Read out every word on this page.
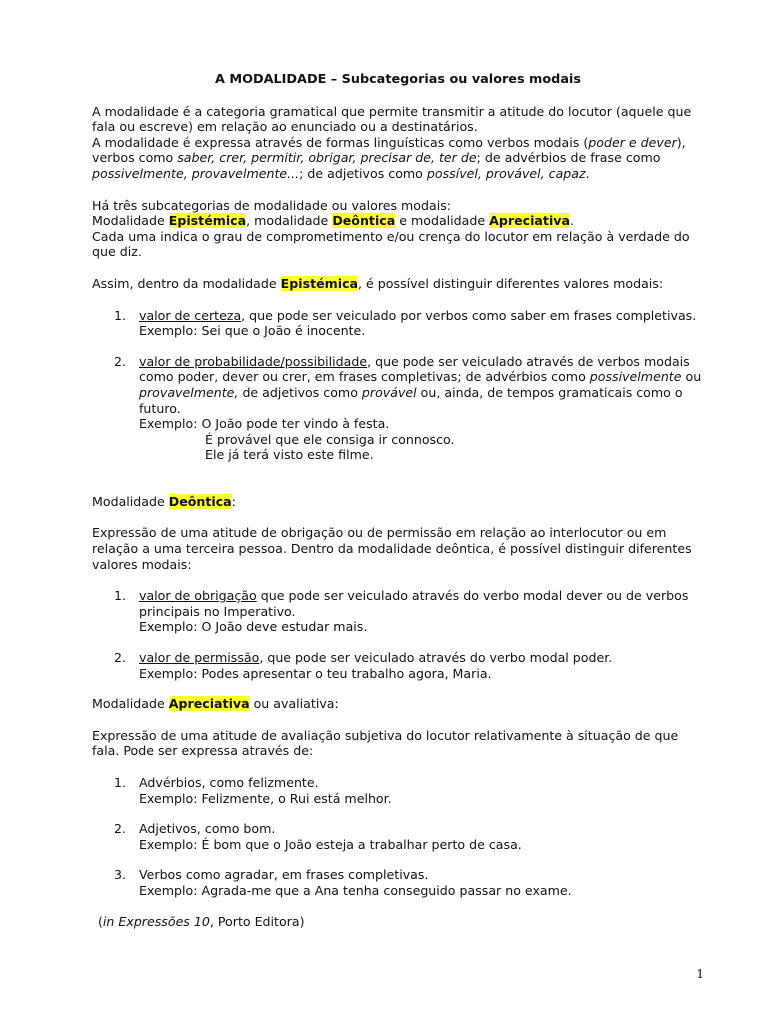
A MODALIDADE – Subcategorias ou valores modais

A modalidade é a categoria gramatical que permite transmitir a atitude do locutor (aquele que fala ou escreve) em relação ao enunciado ou a destinatários.

A modalidade é expressa através de formas linguísticas como verbos modais (poder e dever), verbos como saber, crer, permitir, obrigar, precisar de, ter de; de advérbios de frase como possivelmente, provavelmente...; de adjetivos como possível, provável, capaz.

Há três subcategorias de modalidade ou valores modais:

Modalidade Epistémica, modalidade Deôntica e modalidade Apreciativa.

Cada uma indica o grau de comprometimento e/ou crença do locutor em relação à verdade do que diz.

Assim, dentro da modalidade Epistémica, é possível distinguir diferentes valores modais:

1. valor de certeza, que pode ser veiculado por verbos como saber em frases completivas.
Exemplo: Sei que o João é inocente.
2. valor de probabilidade/possibilidade, que pode ser veiculado através de verbos modais como poder, dever ou crer, em frases completivas; de advérbios como possivelmente ou provavelmente, de adjetivos como provável ou, ainda, de tempos gramaticais como o futuro.
Exemplo: O João pode ter vindo à festa.

É provável que ele consiga ir connosco.
Ele já terá visto este filme.

Modalidade Deôntica:

Expressão de uma atitude de obrigação ou de permissão em relação ao interlocutor ou em relação a uma terceira pessoa. Dentro da modalidade deôntica, é possível distinguir diferentes valores modais:

1. valor de obrigação que pode ser veiculado através do verbo modal dever ou de verbos principais no Imperativo.
Exemplo: O João deve estudar mais.
2. valor de permissão, que pode ser veiculado através do verbo modal poder.
Exemplo: Podes apresentar o teu trabalho agora, Maria.

Modalidade Apreciativa ou avaliativa:

Expressão de uma atitude de avaliação subjetiva do locutor relativamente à situação de que fala. Pode ser expressa através de:

1. Advérbios, como felizmente.
Exemplo: Felizmente, o Rui está melhor.
2. Adjetivos, como bom.
Exemplo: É bom que o João esteja a trabalhar perto de casa.
3. Verbos como agradar, em frases completivas.
Exemplo: Agrada-me que a Ana tenha conseguido passar no exame.

(in Expressões 10, Porto Editora)

1
